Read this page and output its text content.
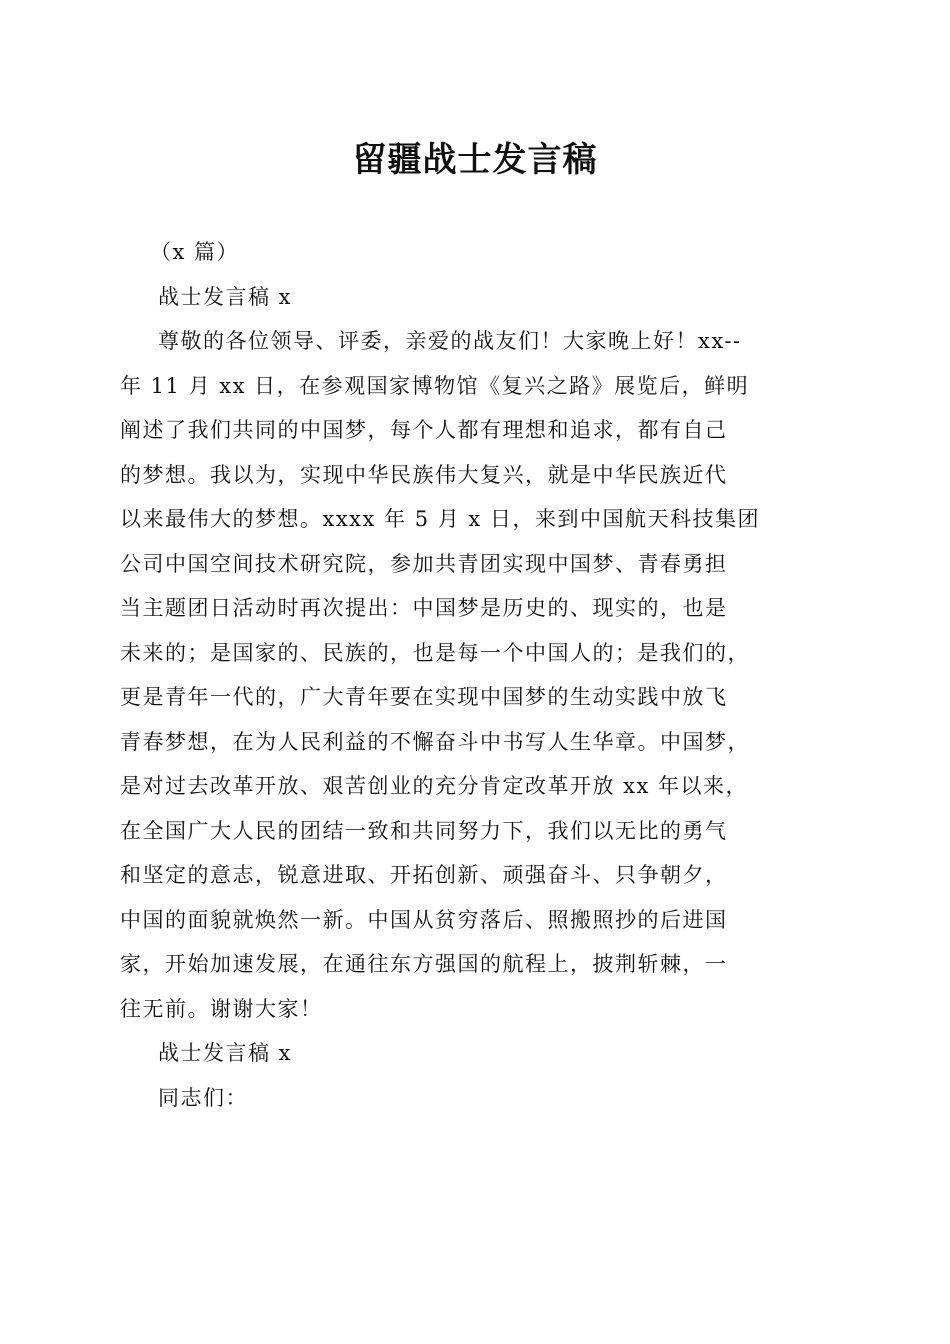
留疆战士发言稿
（x 篇）
战士发言稿 x
尊敬的各位领导、评委，亲爱的战友们！大家晚上好！xx--
年 11 月 xx 日，在参观国家博物馆《复兴之路》展览后，鲜明
阐述了我们共同的中国梦，每个人都有理想和追求，都有自己
的梦想。我以为，实现中华民族伟大复兴，就是中华民族近代
以来最伟大的梦想。xxxx 年 5 月 x 日，来到中国航天科技集团
公司中国空间技术研究院，参加共青团实现中国梦、青春勇担
当主题团日活动时再次提出：中国梦是历史的、现实的，也是
未来的；是国家的、民族的，也是每一个中国人的；是我们的，
更是青年一代的，广大青年要在实现中国梦的生动实践中放飞
青春梦想，在为人民利益的不懈奋斗中书写人生华章。中国梦，
是对过去改革开放、艰苦创业的充分肯定改革开放 xx 年以来，
在全国广大人民的团结一致和共同努力下，我们以无比的勇气
和坚定的意志，锐意进取、开拓创新、顽强奋斗、只争朝夕，
中国的面貌就焕然一新。中国从贫穷落后、照搬照抄的后进国
家，开始加速发展，在通往东方强国的航程上，披荆斩棘，一
往无前。谢谢大家！
战士发言稿 x
同志们：
